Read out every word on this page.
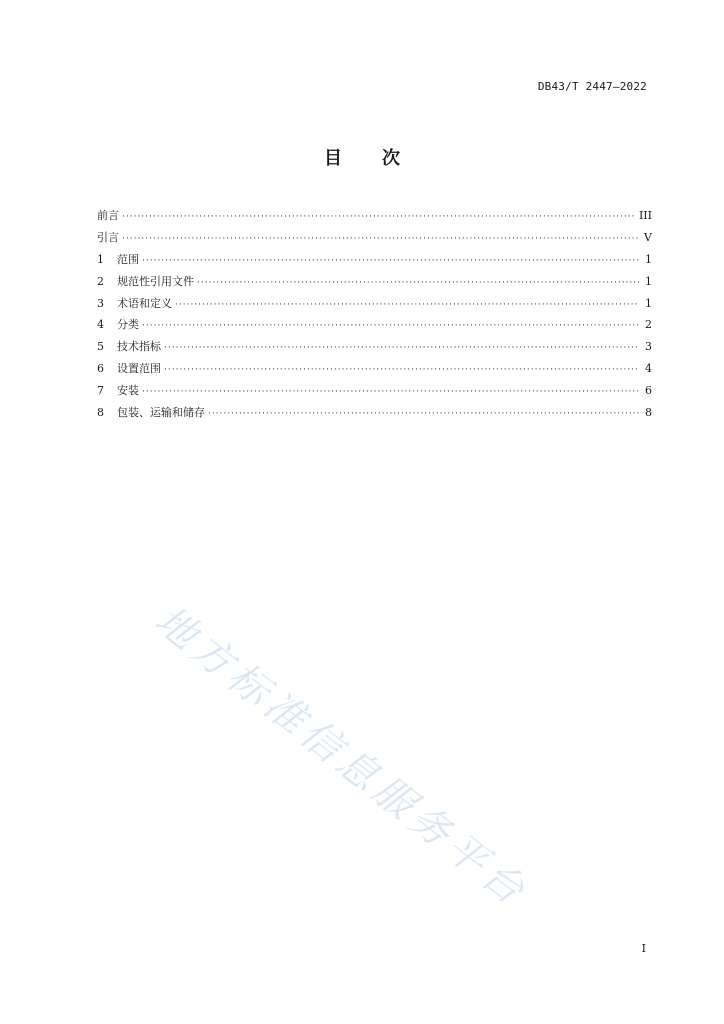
DB43/T 2447—2022
目 次
前言 ·····	III
引言 ·····	V
1	范围 ·····	1
2	规范性引用文件 ·····	1
3	术语和定义 ·····	1
4	分类 ·····	2
5	技术指标 ·····	3
6	设置范围 ·····	4
7	安装 ·····	6
8	包装、运输和储存 ·····	8
地方标准信息服务平台
I
